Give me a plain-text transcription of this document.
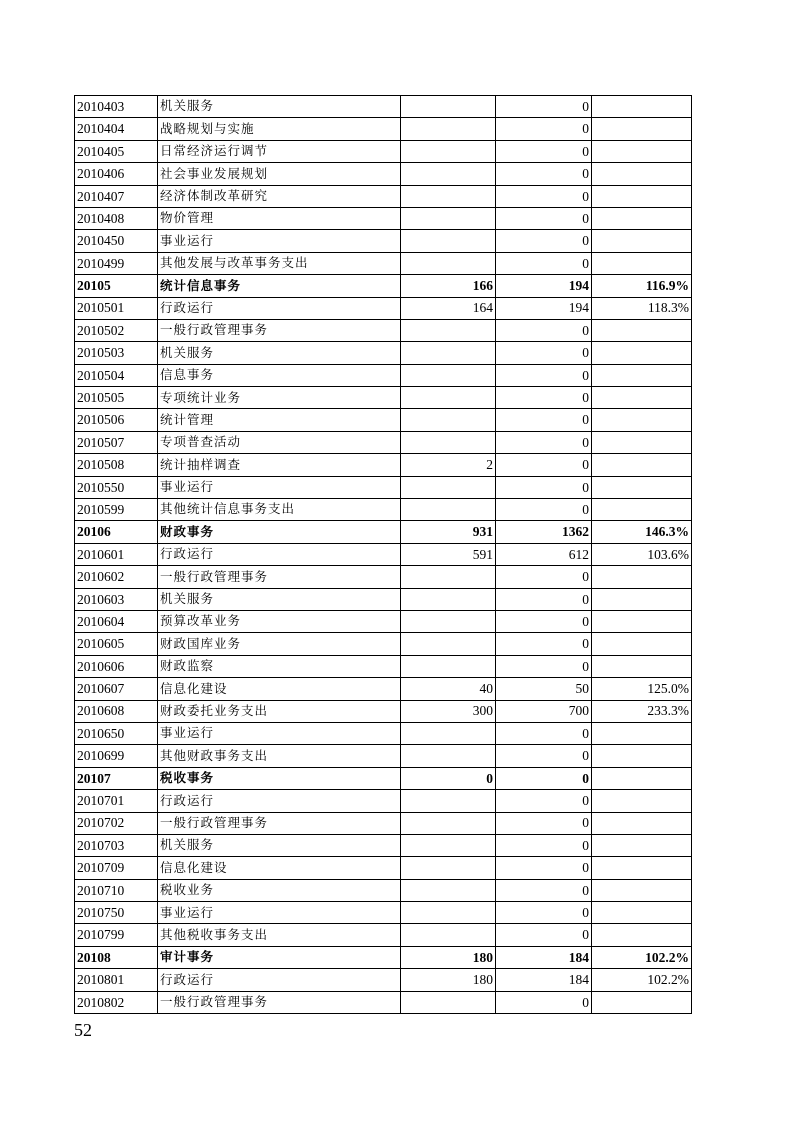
2010403	机关服务		0	
2010404	战略规划与实施		0	
2010405	日常经济运行调节		0	
2010406	社会事业发展规划		0	
2010407	经济体制改革研究		0	
2010408	物价管理		0	
2010450	事业运行		0	
2010499	其他发展与改革事务支出		0	
20105	统计信息事务	166	194	116.9%
2010501	行政运行	164	194	118.3%
2010502	一般行政管理事务		0	
2010503	机关服务		0	
2010504	信息事务		0	
2010505	专项统计业务		0	
2010506	统计管理		0	
2010507	专项普查活动		0	
2010508	统计抽样调查	2	0	
2010550	事业运行		0	
2010599	其他统计信息事务支出		0	
20106	财政事务	931	1362	146.3%
2010601	行政运行	591	612	103.6%
2010602	一般行政管理事务		0	
2010603	机关服务		0	
2010604	预算改革业务		0	
2010605	财政国库业务		0	
2010606	财政监察		0	
2010607	信息化建设	40	50	125.0%
2010608	财政委托业务支出	300	700	233.3%
2010650	事业运行		0	
2010699	其他财政事务支出		0	
20107	税收事务	0	0	
2010701	行政运行		0	
2010702	一般行政管理事务		0	
2010703	机关服务		0	
2010709	信息化建设		0	
2010710	税收业务		0	
2010750	事业运行		0	
2010799	其他税收事务支出		0	
20108	审计事务	180	184	102.2%
2010801	行政运行	180	184	102.2%
2010802	一般行政管理事务		0	
52
